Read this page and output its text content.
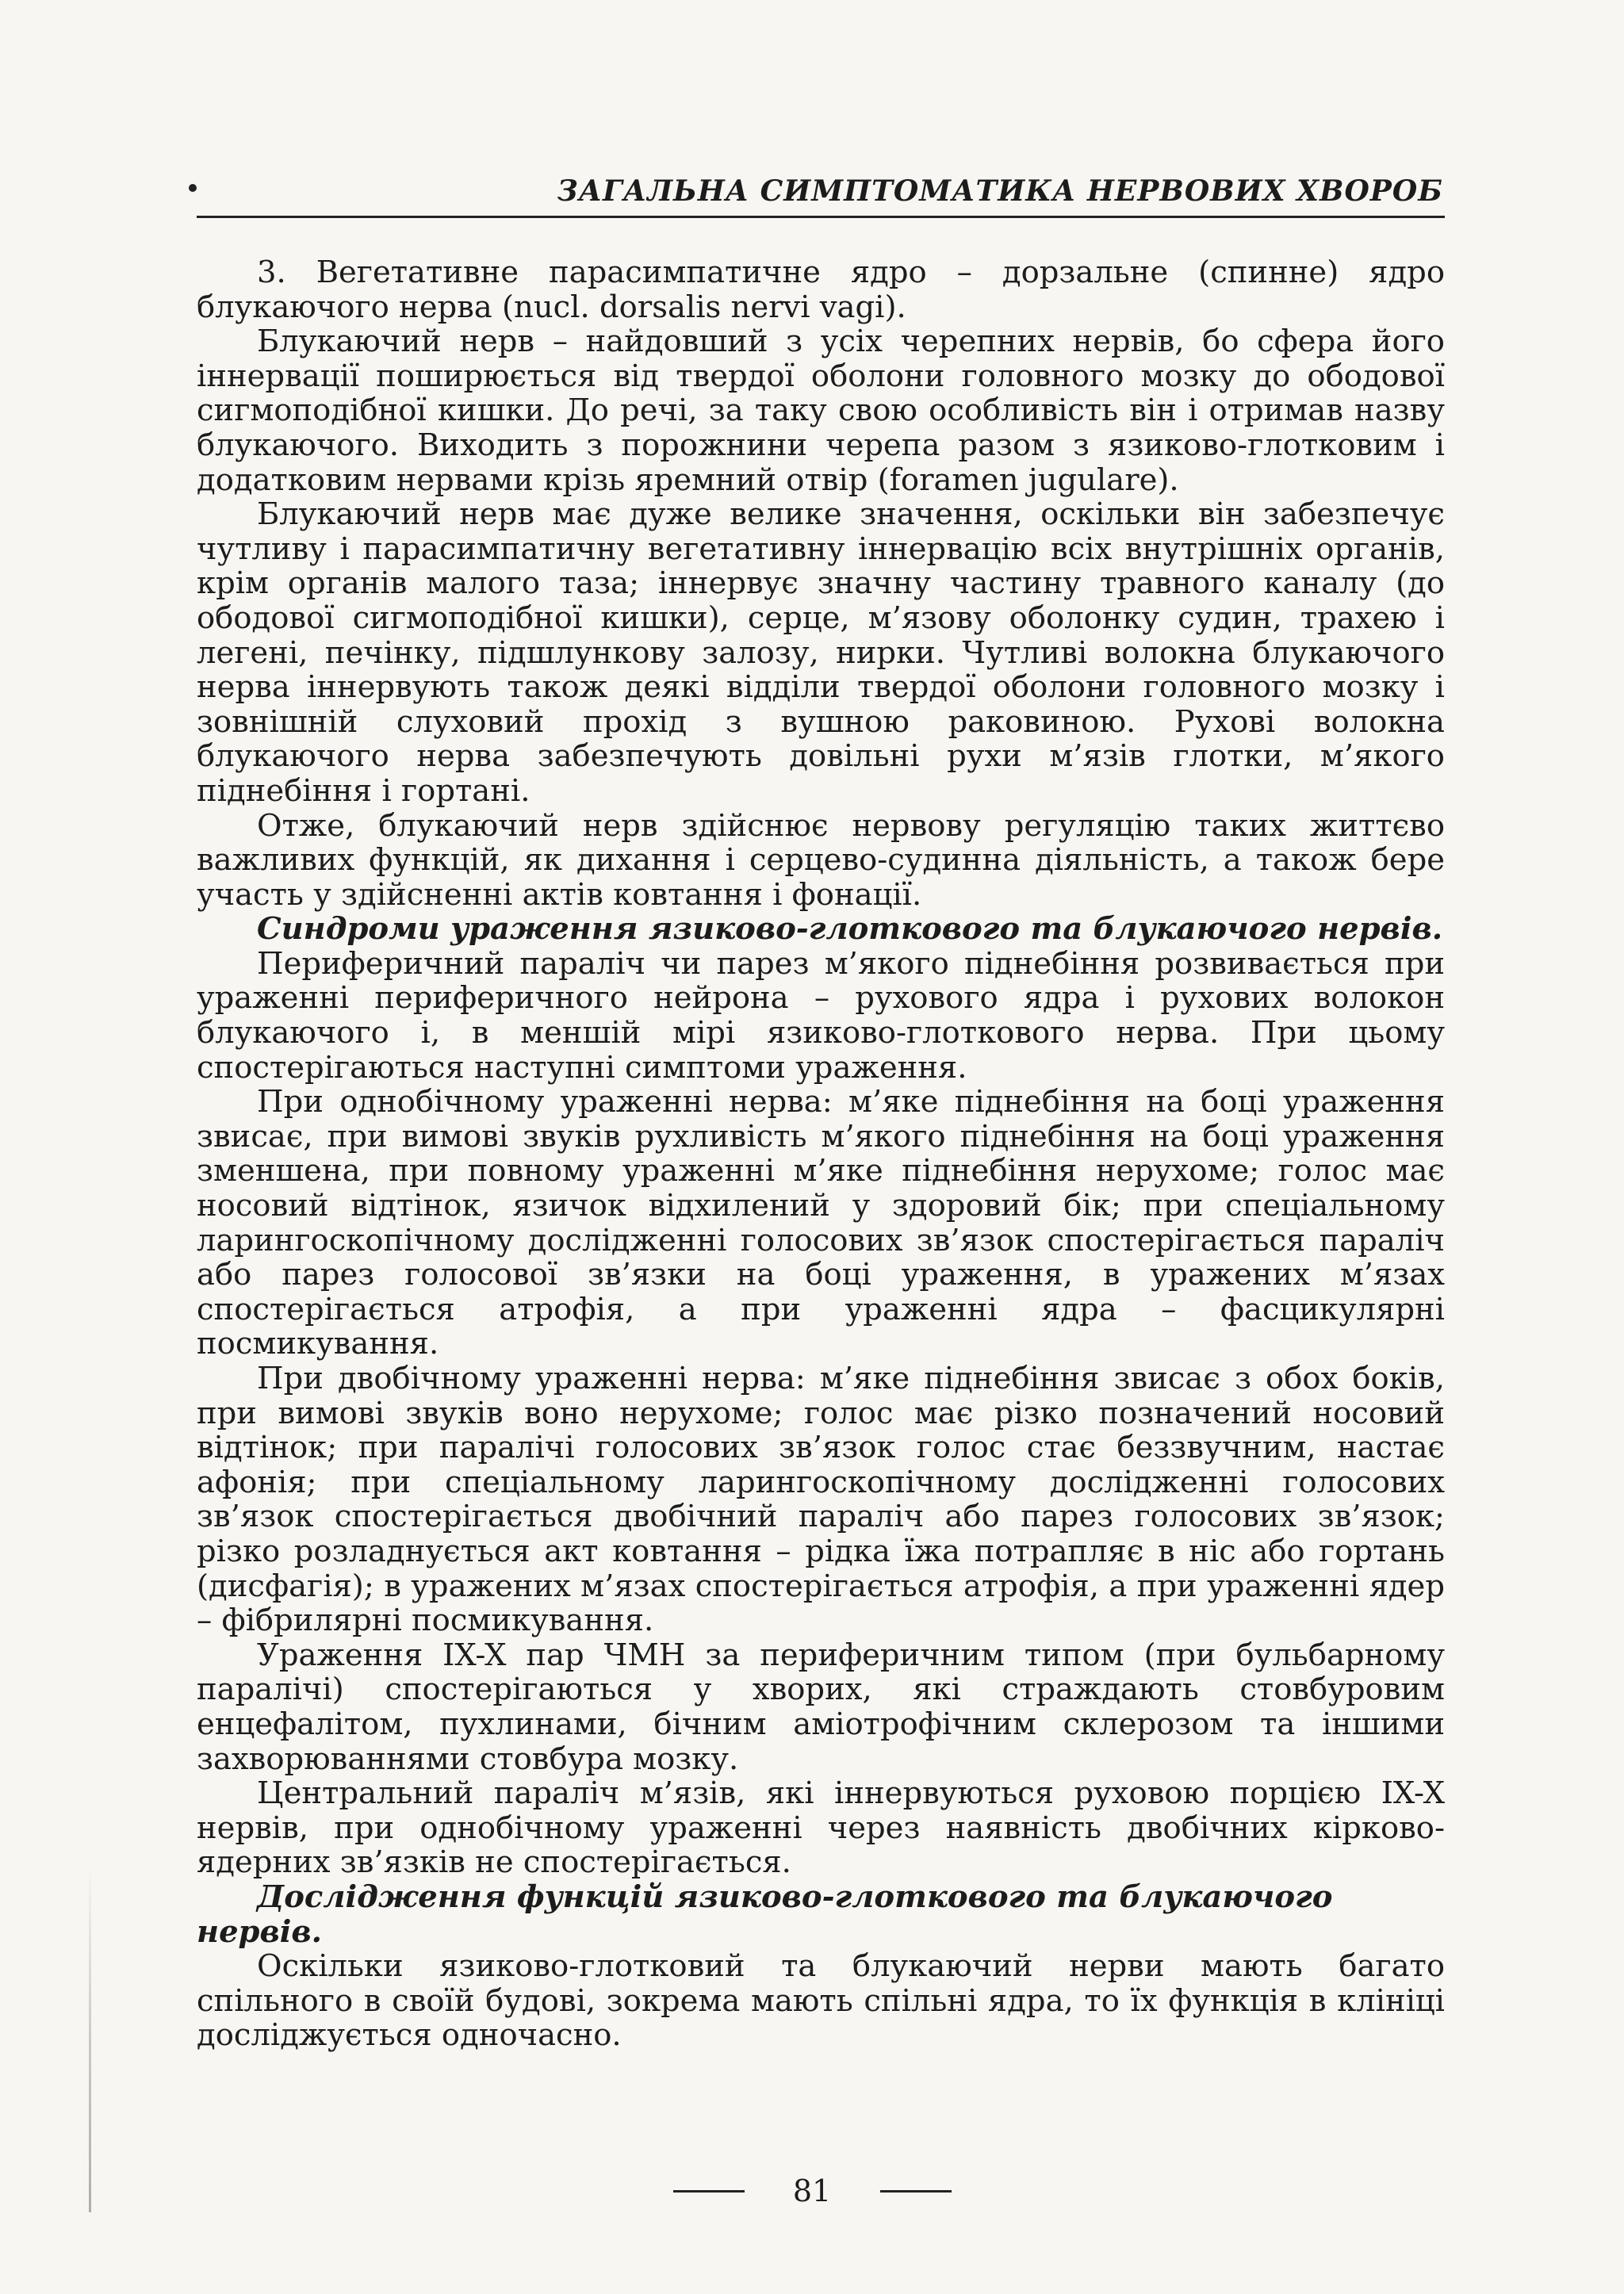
ЗАГАЛЬНА СИМПТОМАТИКА НЕРВОВИХ ХВОРОБ

3. Вегетативне парасимпатичне ядро – дорзальне (спинне) ядро блукаючого нерва (nucl. dorsalis nervi vagi).

Блукаючий нерв – найдовший з усіх черепних нервів, бо сфера його іннервації поширюється від твердої оболони головного мозку до ободової сигмоподібної кишки. До речі, за таку свою особливість він і отримав назву блукаючого. Виходить з порожнини черепа разом з язиково-глотковим і додатковим нервами крізь яремний отвір (foramen jugulare).

Блукаючий нерв має дуже велике значення, оскільки він забезпечує чутливу і парасимпатичну вегетативну іннервацію всіх внутрішніх органів, крім органів малого таза; іннервує значну частину травного каналу (до ободової сигмоподібної кишки), серце, м’язову оболонку судин, трахею і легені, печінку, підшлункову залозу, нирки. Чутливі волокна блукаючого нерва іннервують також деякі відділи твердої оболони головного мозку і зовнішній слуховий прохід з вушною раковиною. Рухові волокна блукаючого нерва забезпечують довільні рухи м’язів глотки, м’якого піднебіння і гортані.

Отже, блукаючий нерв здійснює нервову регуляцію таких життєво важливих функцій, як дихання і серцево-судинна діяльність, а також бере участь у здійсненні актів ковтання і фонації.

Синдроми ураження язиково-глоткового та блукаючого нервів.

Периферичний параліч чи парез м’якого піднебіння розвивається при ураженні периферичного нейрона – рухового ядра і рухових волокон блукаючого і, в меншій мірі язиково-глоткового нерва. При цьому спостерігаються наступні симптоми ураження.

При однобічному ураженні нерва: м’яке піднебіння на боці ураження звисає, при вимові звуків рухливість м’якого піднебіння на боці ураження зменшена, при повному ураженні м’яке піднебіння нерухоме; голос має носовий відтінок, язичок відхилений у здоровий бік; при спеціальному ларингоскопічному дослідженні голосових зв’язок спостерігається параліч або парез голосової зв’язки на боці ураження, в уражених м’язах спостерігається атрофія, а при ураженні ядра – фасцикулярні посмикування.

При двобічному ураженні нерва: м’яке піднебіння звисає з обох боків, при вимові звуків воно нерухоме; голос має різко позначений носовий відтінок; при паралічі голосових зв’язок голос стає беззвучним, настає афонія; при спеціальному ларингоскопічному дослідженні голосових зв’язок спостерігається двобічний параліч або парез голосових зв’язок; різко розладнується акт ковтання – рідка їжа потрапляє в ніс або гортань (дисфагія); в уражених м’язах спостерігається атрофія, а при ураженні ядер – фібрилярні посмикування.

Ураження IX-X пар ЧМН за периферичним типом (при бульбарному паралічі) спостерігаються у хворих, які страждають стовбуровим енцефалітом, пухлинами, бічним аміотрофічним склерозом та іншими захворюваннями стовбура мозку.

Центральний параліч м’язів, які іннервуються руховою порцією IX-X нервів, при однобічному ураженні через наявність двобічних кірково-ядерних зв’язків не спостерігається.

Дослідження функцій язиково-глоткового та блукаючого нервів.

Оскільки язиково-глотковий та блукаючий нерви мають багато спільного в своїй будові, зокрема мають спільні ядра, то їх функція в клініці досліджується одночасно.

81
